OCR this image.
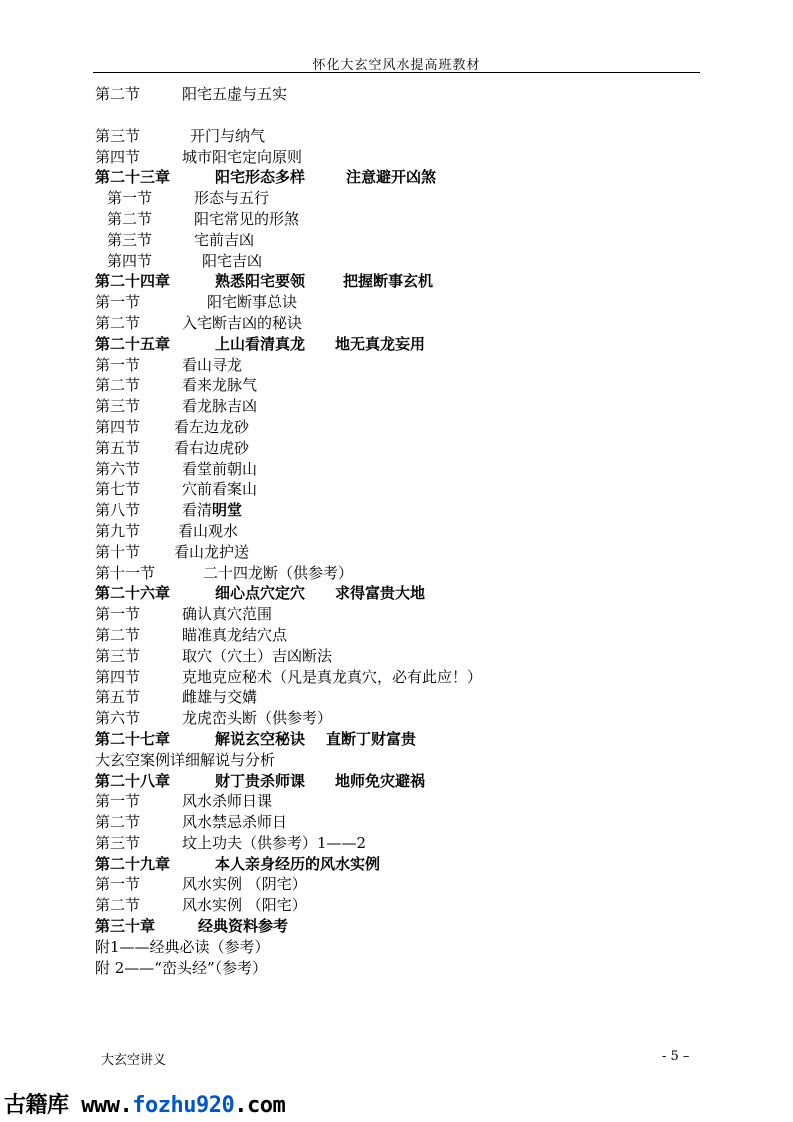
怀化大玄空风水提高班教材
第二节	阳宅五虚与五实
第三节	开门与纳气
第四节	城市阳宅定向原则
第二十三章	阳宅形态多样	注意避开凶煞
第一节	形态与五行
第二节	阳宅常见的形煞
第三节	宅前吉凶
第四节	阳宅吉凶
第二十四章	熟悉阳宅要领	把握断事玄机
第一节	阳宅断事总诀
第二节	入宅断吉凶的秘诀
第二十五章	上山看清真龙 地无真龙妄用
第一节	看山寻龙
第二节	看来龙脉气
第三节	看龙脉吉凶
第四节 看左边龙砂
第五节 看右边虎砂
第六节	看堂前朝山
第七节	穴前看案山
第八节	看清明堂
第九节	看山观水
第十节 看山龙护送
第十一节	二十四龙断（供参考）
第二十六章	细心点穴定穴 求得富贵大地
第一节	确认真穴范围
第二节	瞄准真龙结穴点
第三节	取穴（穴土）吉凶断法
第四节	克地克应秘术（凡是真龙真穴，必有此应！）
第五节	雌雄与交媾
第六节	龙虎峦头断（供参考）
第二十七章	解说玄空秘诀 直断丁财富贵
大玄空案例详细解说与分析
第二十八章	财丁贵杀师课 地师免灾避祸
第一节	风水杀师日课
第二节	风水禁忌杀师日
第三节	坟上功夫（供参考）1——2
第二十九章	本人亲身经历的风水实例
第一节	风水实例 （阴宅）
第二节	风水实例 （阳宅）
第三十章	经典资料参考
附1——经典必读（参考）
附 2——“峦头经”（参考）
大玄空讲义	- 5 –
古籍库 www.fozhu920.com
